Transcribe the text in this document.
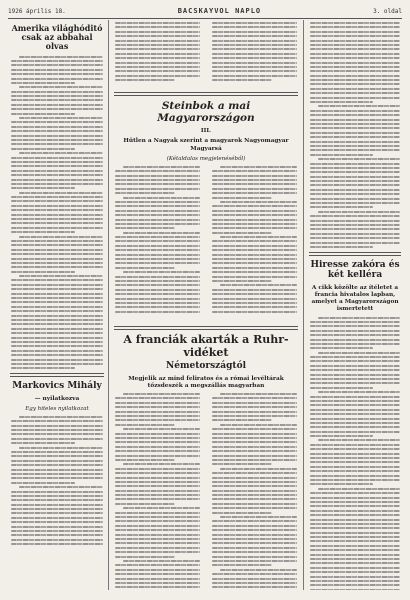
1926 április 18.	BACSKAYVOL NAPLO	3. oldal
Amerika világhóditó csak az abbahal olvas
Markovics Mihály
— nyilatkozva
Egy hiteles nyilatkozat
Steinbok a mai Magyarországon
III.
Hűtlen a Nagyak szerint a magyarok Nagyomagyar Magyarsá
(Kétaldalas megjelenéséből)
A franciák akarták a Ruhr-vidéket
Németországtól
Megjelik az mind feliratos és a római levéltárak tőzsdeszék a megszállás magyarban
Hiresse zakóra és két kelléra
A cikk közölte az ítéletet a francia hivatalos lapban, amelyet a Magyarországon ismertetett
